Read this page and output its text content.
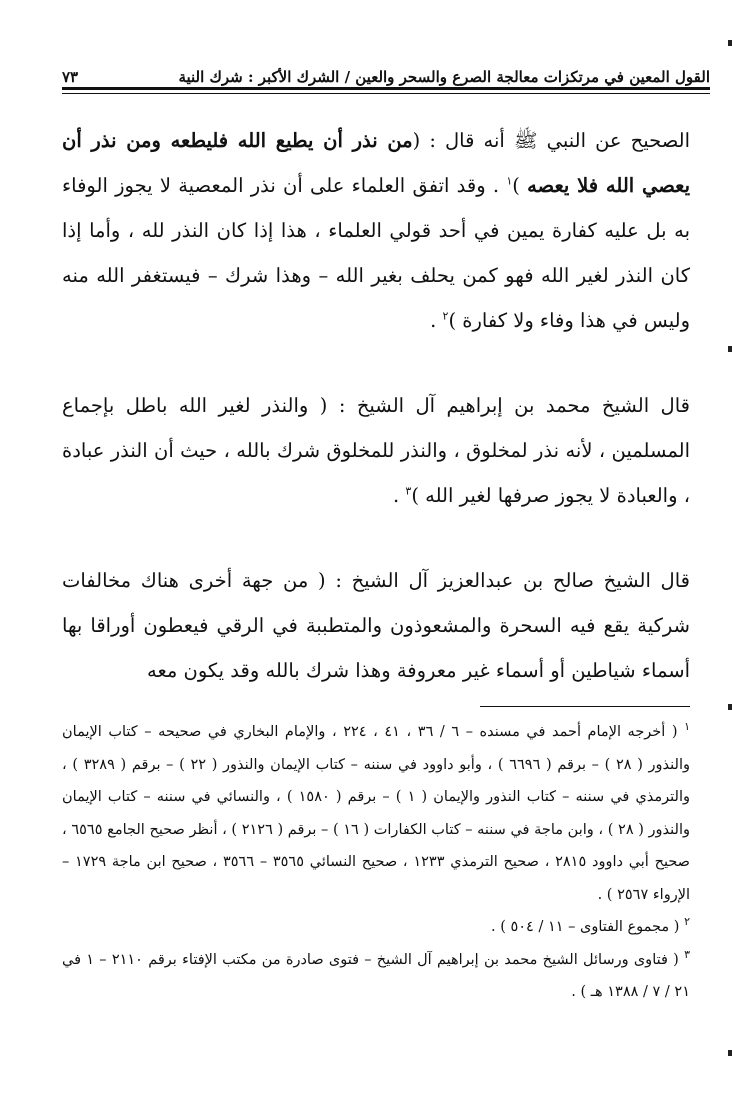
القول المعين في مرتكزات معالجة الصرع والسحر والعين / الشرك الأكبر : شرك النية
٧٣

الصحيح عن النبي ﷺ أنه قال : (من نذر أن يطيع الله فليطعه ومن نذر أن يعصي الله فلا يعصه )$^١$ . وقد اتفق العلماء على أن نذر المعصية لا يجوز الوفاء به بل عليه كفارة يمين في أحد قولي العلماء ، هذا إذا كان النذر لله ، وأما إذا كان النذر لغير الله فهو كمن يحلف بغير الله – وهذا شرك – فيستغفر الله منه وليس في هذا وفاء ولا كفارة )$^٢$ .

قال الشيخ محمد بن إبراهيم آل الشيخ : ( والنذر لغير الله باطل بإجماع المسلمين ، لأنه نذر لمخلوق ، والنذر للمخلوق شرك بالله ، حيث أن النذر عبادة ، والعبادة لا يجوز صرفها لغير الله )$^٣$ .

قال الشيخ صالح بن عبدالعزيز آل الشيخ : ( من جهة أخرى هناك مخالفات شركية يقع فيه السحرة والمشعوذون والمتطببة في الرقي فيعطون أوراقا بها أسماء شياطين أو أسماء غير معروفة وهذا شرك بالله وقد يكون معه

$^١$ ( أخرجه الإمام أحمد في مسنده – ٦ / ٣٦ ، ٤١ ، ٢٢٤ ، والإمام البخاري في صحيحه – كتاب الإيمان والنذور ( ٢٨ ) – برقم ( ٦٦٩٦ ) ، وأبو داوود في سننه – كتاب الإيمان والنذور ( ٢٢ ) – برقم ( ٣٢٨٩ ) ، والترمذي في سننه – كتاب النذور والإيمان ( ١ ) – برقم ( ١٥٨٠ ) ، والنسائي في سننه – كتاب الإيمان والنذور ( ٢٨ ) ، وابن ماجة في سننه – كتاب الكفارات ( ١٦ ) – برقم ( ٢١٢٦ ) ، أنظر صحيح الجامع ٦٥٦٥ ، صحيح أبي داوود ٢٨١٥ ، صحيح الترمذي ١٢٣٣ ، صحيح النسائي ٣٥٦٥ – ٣٥٦٦ ، صحيح ابن ماجة ١٧٢٩ – الإرواء ٢٥٦٧ ) .

$^٢$ ( مجموع الفتاوى – ١١ / ٥٠٤ ) .

$^٣$ ( فتاوى ورسائل الشيخ محمد بن إبراهيم آل الشيخ – فتوى صادرة من مكتب الإفتاء برقم ٢١١٠ – ١ في ٢١ / ٧ / ١٣٨٨ هـ ) .
